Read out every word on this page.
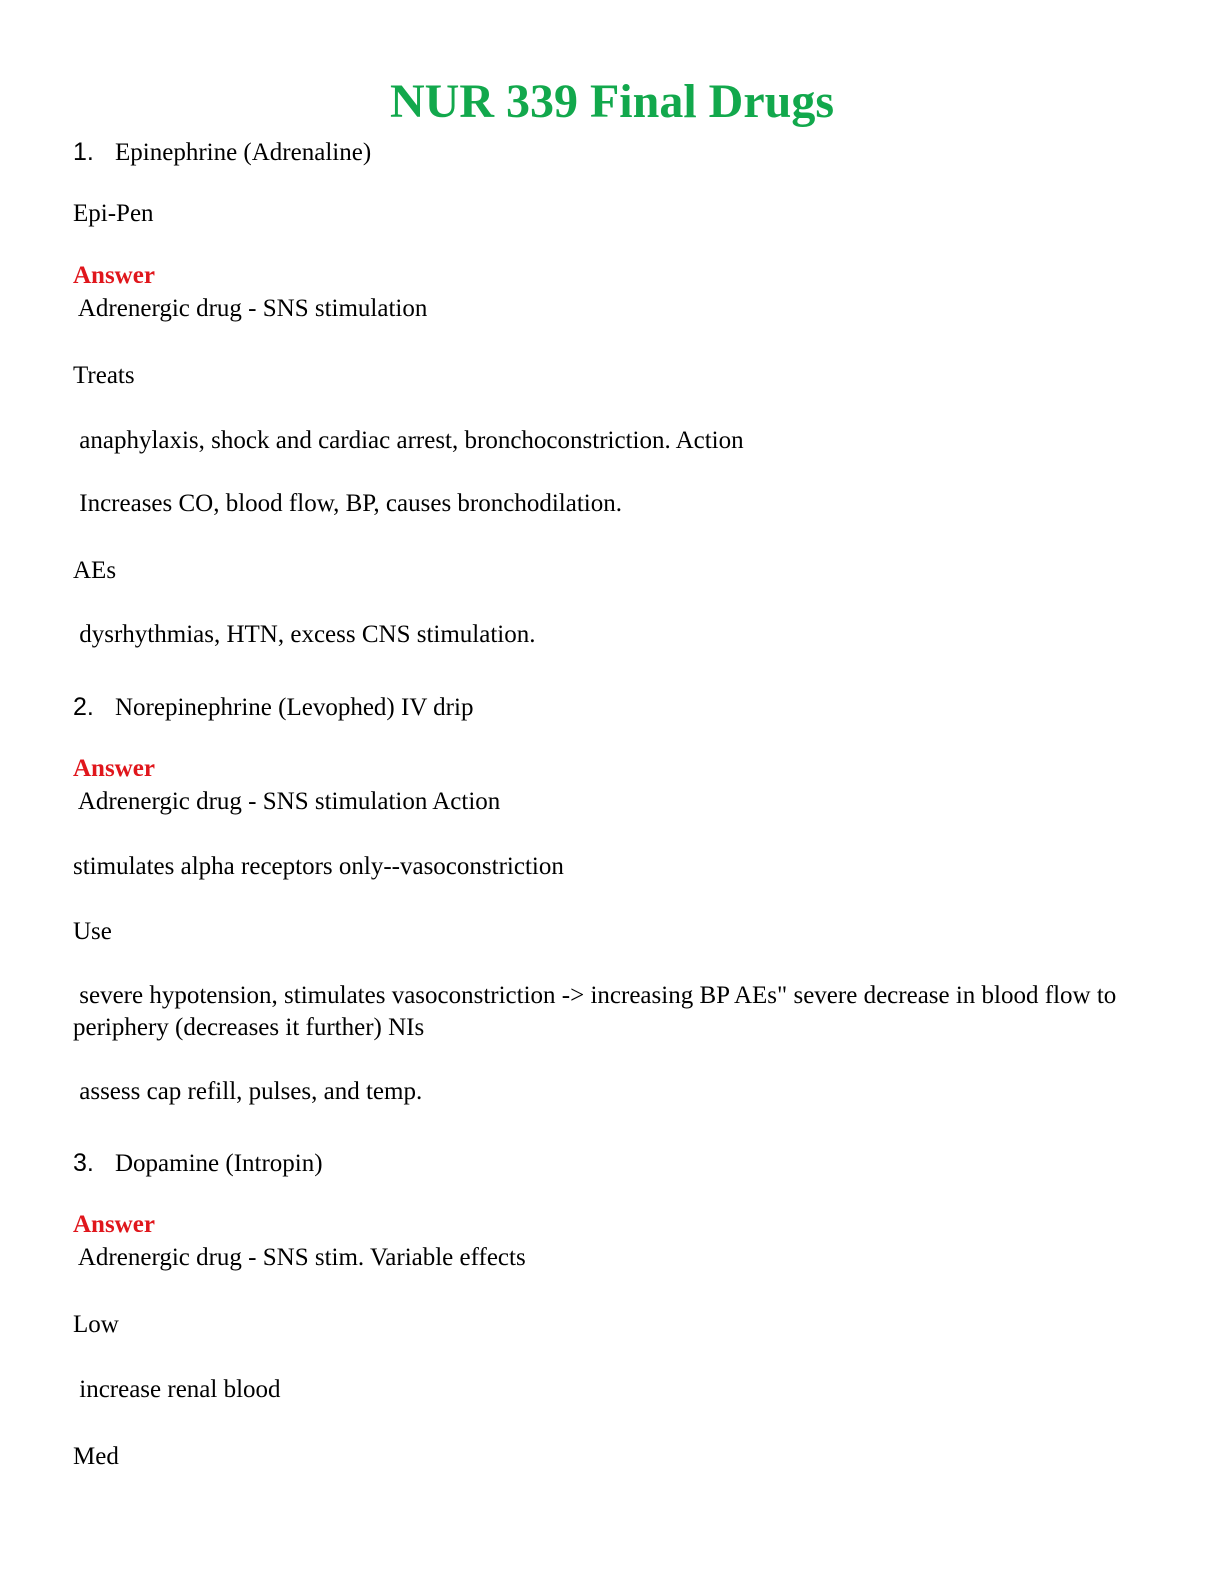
NUR 339 Final Drugs
1. Epinephrine (Adrenaline)
Epi-Pen
Answer
Adrenergic drug - SNS stimulation
Treats
anaphylaxis, shock and cardiac arrest, bronchoconstriction. Action
Increases CO, blood flow, BP, causes bronchodilation.
AEs
dysrhythmias, HTN, excess CNS stimulation.
2. Norepinephrine (Levophed) IV drip
Answer
Adrenergic drug - SNS stimulation Action
stimulates alpha receptors only--vasoconstriction
Use
severe hypotension, stimulates vasoconstriction -> increasing BP AEs" severe decrease in blood flow to periphery (decreases it further) NIs
assess cap refill, pulses, and temp.
3. Dopamine (Intropin)
Answer
Adrenergic drug - SNS stim. Variable effects
Low
increase renal blood
Med
